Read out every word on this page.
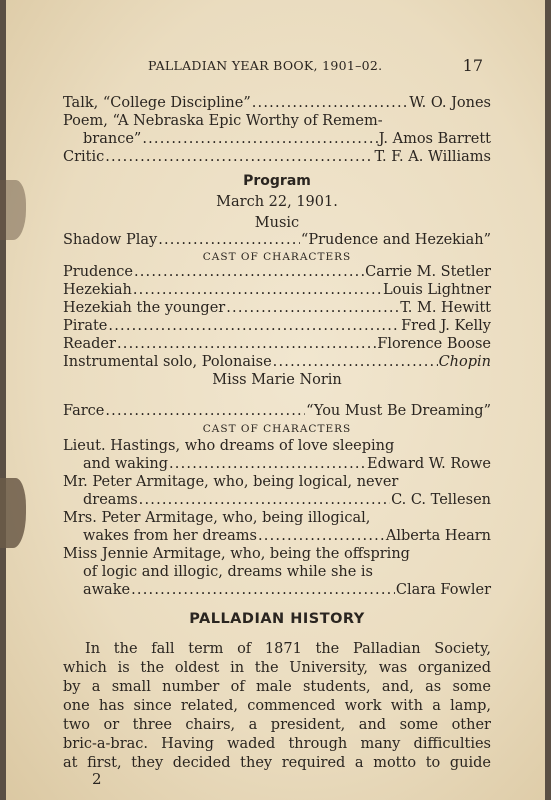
PALLADIAN YEAR BOOK, 1901–02.	17
Talk, “College Discipline” .....	W. O. Jones
Poem, “A Nebraska Epic Worthy of Remem-
brance” .....	J. Amos Barrett
Critic .....	T. F. A. Williams
Program
March 22, 1901.
Music
Shadow Play .....	“Prudence and Hezekiah”
CAST OF CHARACTERS
Prudence .....	Carrie M. Stetler
Hezekiah .....	Louis Lightner
Hezekiah the younger .....	T. M. Hewitt
Pirate .....	Fred J. Kelly
Reader .....	Florence Boose
Instrumental solo, Polonaise .....	Chopin
Miss Marie Norin
Farce .....	“You Must Be Dreaming”
CAST OF CHARACTERS
Lieut. Hastings, who dreams of love sleeping
and waking .....	Edward W. Rowe
Mr. Peter Armitage, who, being logical, never
dreams .....	C. C. Tellesen
Mrs. Peter Armitage, who, being illogical,
wakes from her dreams .....	Alberta Hearn
Miss Jennie Armitage, who, being the offspring
of logic and illogic, dreams while she is
awake .....	Clara Fowler
PALLADIAN HISTORY

In the fall term of 1871 the Palladian Society,

which is the oldest in the University, was organized
by a small number of male students, and, as some
one has since related, commenced work with a lamp,
two or three chairs, a president, and some other
bric-a-brac. Having waded through many difficulties
at first, they decided they required a motto to guide
2
